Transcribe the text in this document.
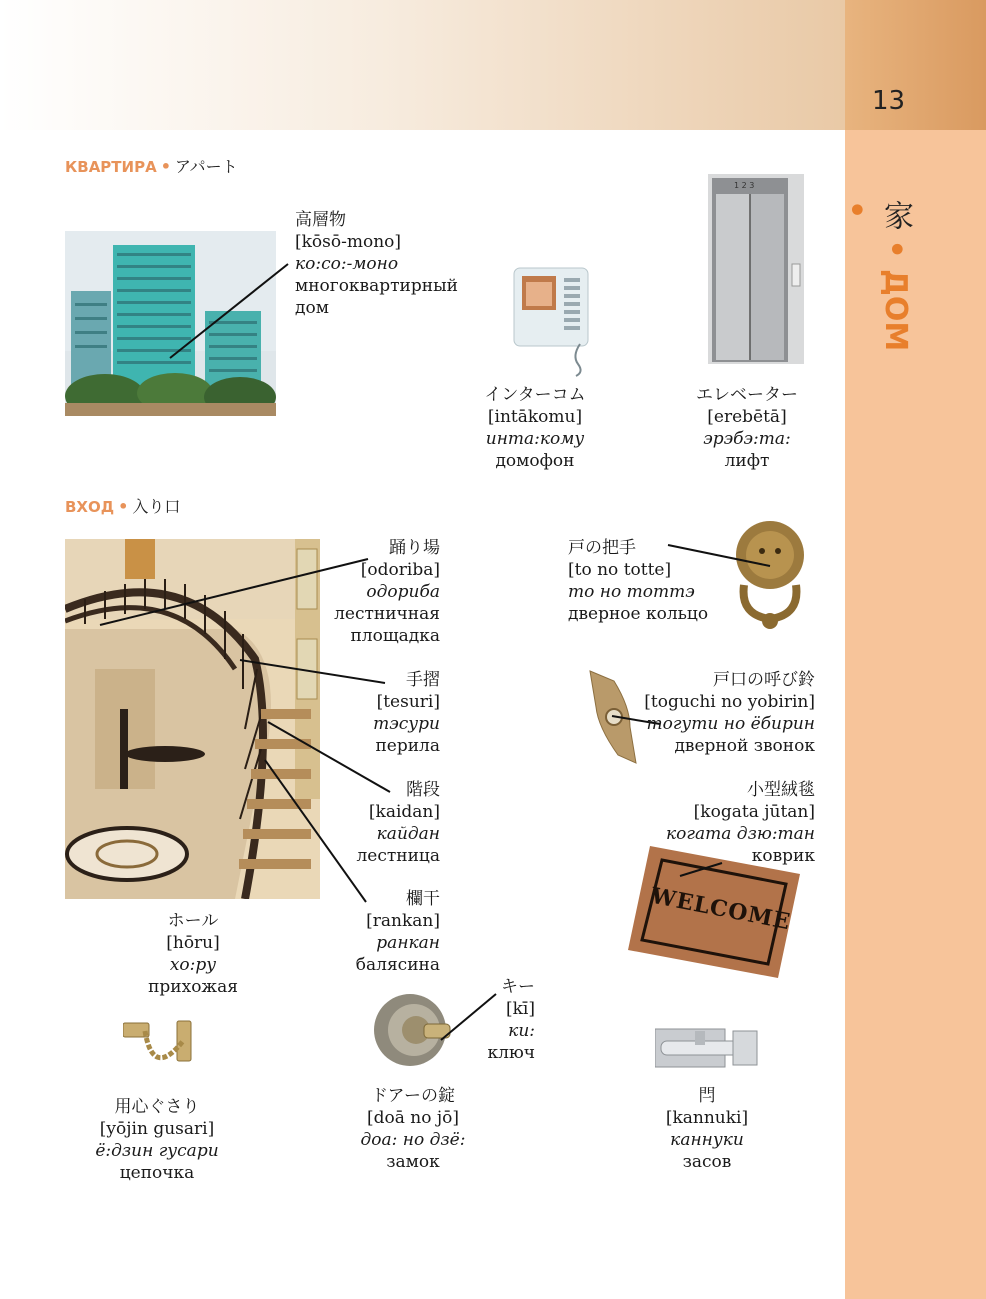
13
家 • ДОМ •
КВАРТИРА • アパート
ВХОД • 入り口
1 2 3
WELCOME
高層物
[kōsō-mono]
ко:со:-моно
многоквартирный
дом
インターコム
[intākomu]
инта:кому
домофон
エレベーター
[erebētā]
эрэбэ:та:
лифт
踊り場
[odoriba]
одориба
лестничная
площадка
手摺
[tesuri]
тэсури
перила
階段
[kaidan]
кайдан
лестница
欄干
[rankan]
ранкан
балясина
ホール
[hōru]
хо:ру
прихожая
戸の把手
[to no totte]
то но тоттэ
дверное кольцо
戸口の呼び鈴
[toguchi no yobirin]
тогути но ёбирин
дверной звонок
小型絨毯
[kogata jūtan]
когата дзю:тан
коврик
キー
[kī]
ки:
ключ
用心ぐさり
[yōjin gusari]
ё:дзин гусари
цепочка
ドアーの錠
[doā no jō]
доа: но дзё:
замок
閂
[kannuki]
каннуки
засов
